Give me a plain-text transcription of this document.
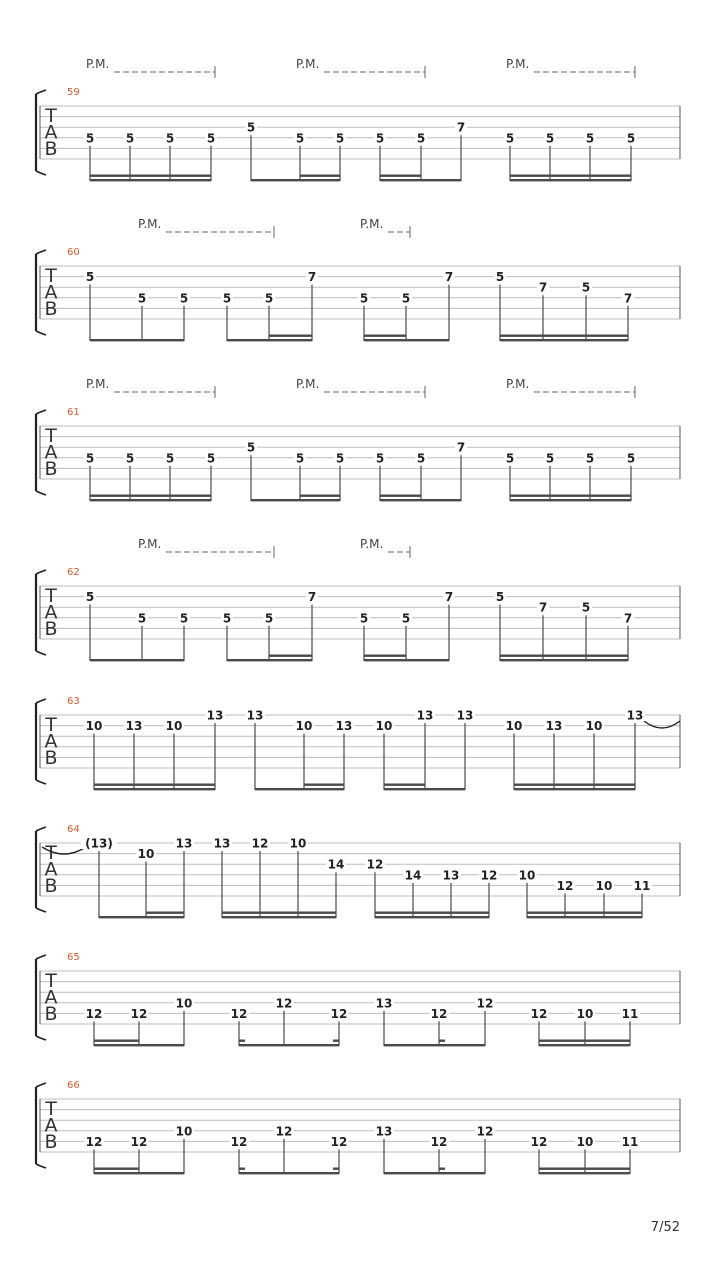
T
A
B
59
P.M.	P.M.	P.M.
5	5	5	5
5
5	5	5	5
7
5	5	5	5
T
A
B
60
P.M.	P.M.
5
5	5	5	5
7
5	5
7	5
7	5
7
T
A
B
61
P.M.	P.M.	P.M.
5	5	5	5
5
5	5	5	5
7
5	5	5	5
T
A
B
62
P.M.	P.M.
5
5	5	5	5
7
5	5
7	5
7	5
7
T
A
B
63
10 13 10
13 13
10 13 10
13 13
10 13 10
13
T
A
B
64
(13)
10
13 13 12 10
14 12
14 13 12 10
12 10 11
T
A
B
65
12 12
10
12
12
12
13
12
12
12 10 11
T
A
B
66
12 12
10
12
12
12
13
12
12
12 10 11
7/52
